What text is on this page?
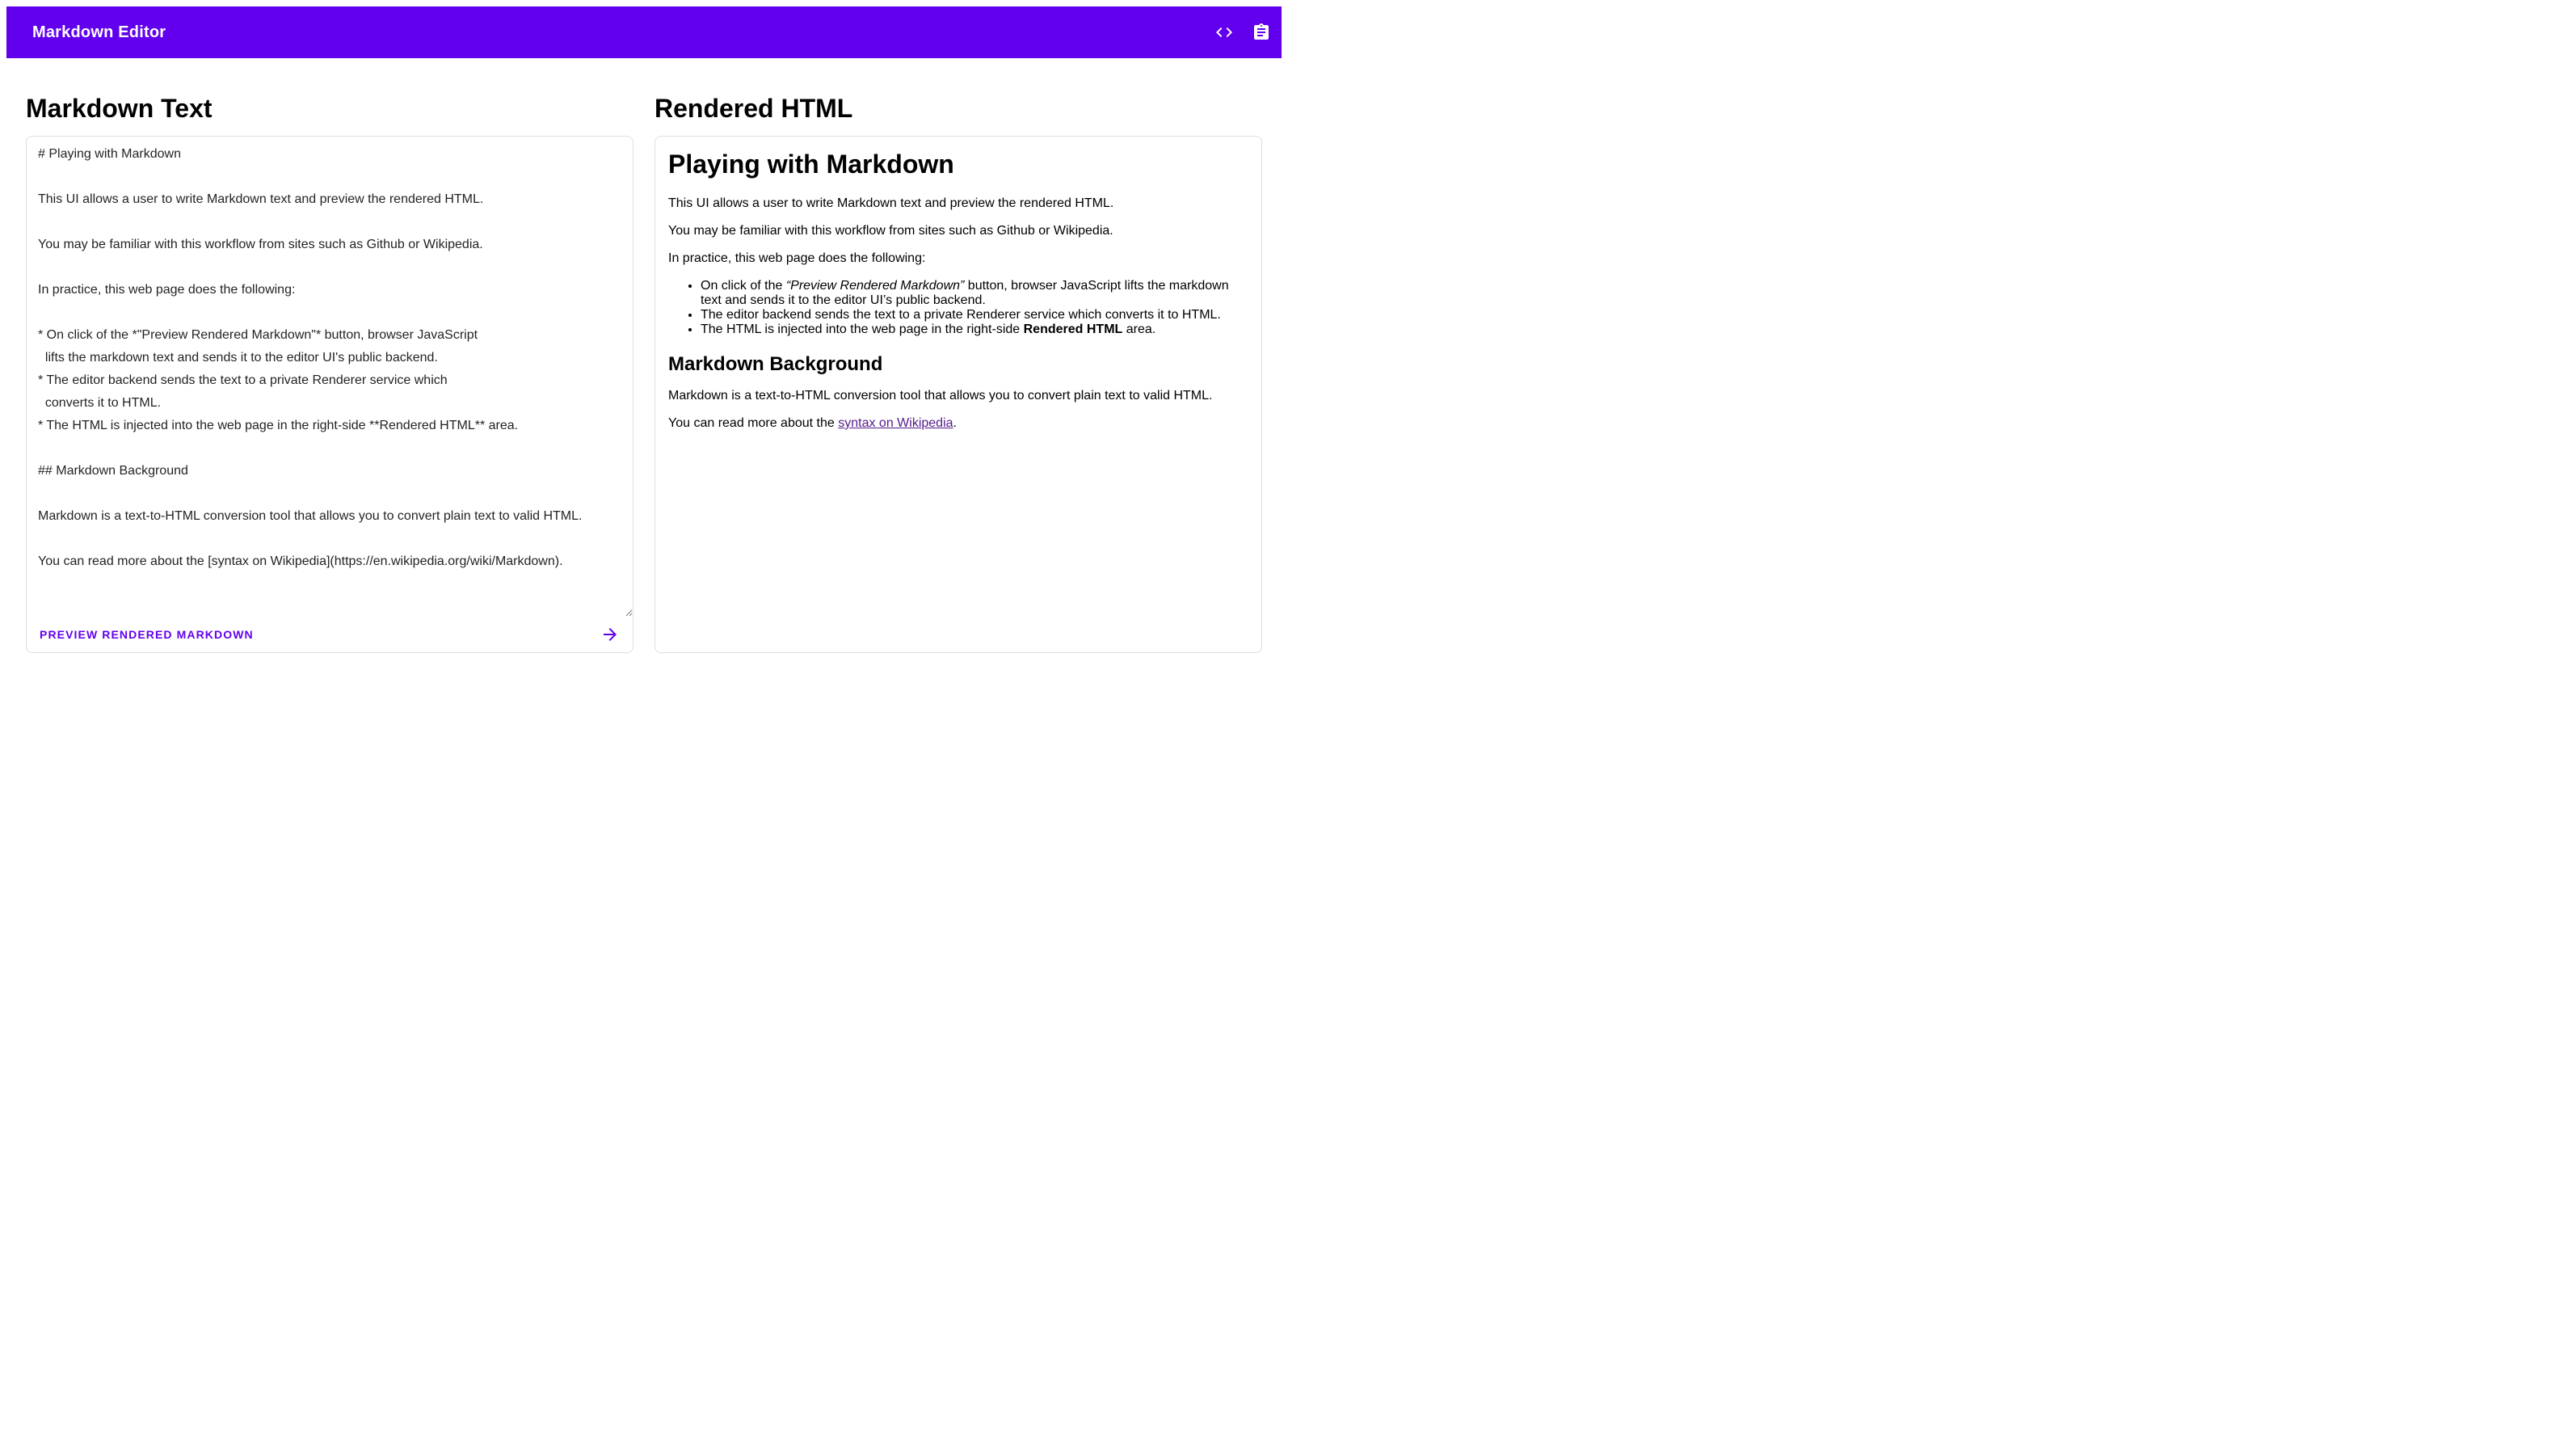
Markdown Editor
Markdown Text
# Playing with Markdown This UI allows a user to write Markdown text and preview the rendered HTML. You may be familiar with this workflow from sites such as Github or Wikipedia. In practice, this web page does the following: * On click of the *"Preview Rendered Markdown"* button, browser JavaScript lifts the markdown text and sends it to the editor UI's public backend. * The editor backend sends the text to a private Renderer service which converts it to HTML. * The HTML is injected into the web page in the right-side **Rendered HTML** area. ## Markdown Background Markdown is a text-to-HTML conversion tool that allows you to convert plain text to valid HTML. You can read more about the [syntax on Wikipedia](https://en.wikipedia.org/wiki/Markdown).
PREVIEW RENDERED MARKDOWN
Rendered HTML
Playing with Markdown

This UI allows a user to write Markdown text and preview the rendered HTML.

You may be familiar with this workflow from sites such as Github or Wikipedia.

In practice, this web page does the following:

• On click of the “Preview Rendered Markdown” button, browser JavaScript lifts the markdown text and sends it to the editor UI’s public backend.
• The editor backend sends the text to a private Renderer service which converts it to HTML.
• The HTML is injected into the web page in the right-side Rendered HTML area.
Markdown Background

Markdown is a text-to-HTML conversion tool that allows you to convert plain text to valid HTML.

You can read more about the syntax on Wikipedia.
